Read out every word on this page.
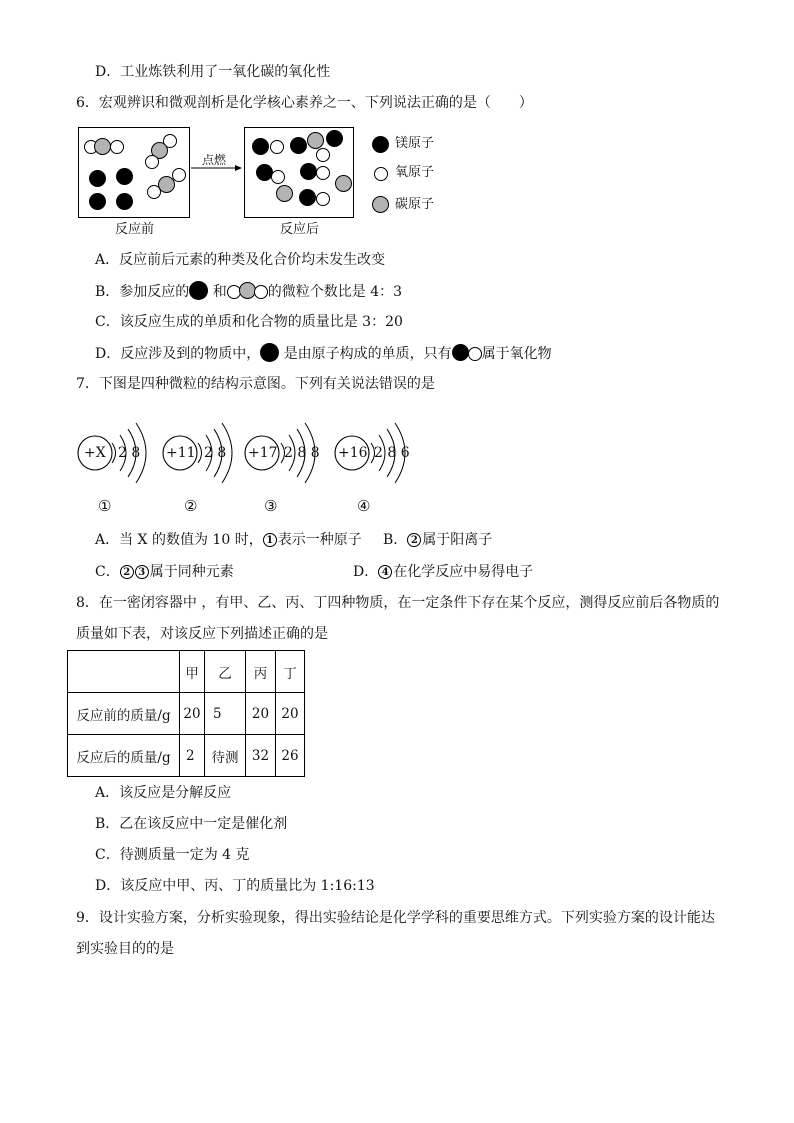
D．工业炼铁利用了一氧化碳的氧化性
6．宏观辨识和微观剖析是化学核心素养之一、下列说法正确的是（　　）
点燃
反应前	反应后
镁原子
氧原子
碳原子
A．反应前后元素的种类及化合价均未发生改变
B．参加反应的 和	的微粒个数比是 4：3
C．该反应生成的单质和化合物的质量比是 3：20
D．反应涉及到的物质中， 是由原子构成的单质，只有 属于氧化物
7．下图是四种微粒的结构示意图。下列有关说法错误的是
+X 2 8
①
+11 2 8
②
+17 2 8 8
③
+16 2 8 6
④
A．当 X 的数值为 10 时， 1 表示一种原子 B． 2 属于阳离子
C． 2 3 属于同种元素	D． 4 在化学反应中易得电子
8．在一密闭容器中 ，有甲、乙、丙、丁四种物质，在一定条件下存在某个反应，测得反应前后各物质的
质量如下表，对该反应下列描述正确的是
	甲	乙	丙	丁
反应前的质量/g	20	5	20	20
反应后的质量/g	2	待测	32	26
A．该反应是分解反应
B．乙在该反应中一定是催化剂
C．待测质量一定为 4 克
D．该反应中甲、丙、丁的质量比为 1:16:13
9．设计实验方案，分析实验现象，得出实验结论是化学学科的重要思维方式。下列实验方案的设计能达
到实验目的的是
